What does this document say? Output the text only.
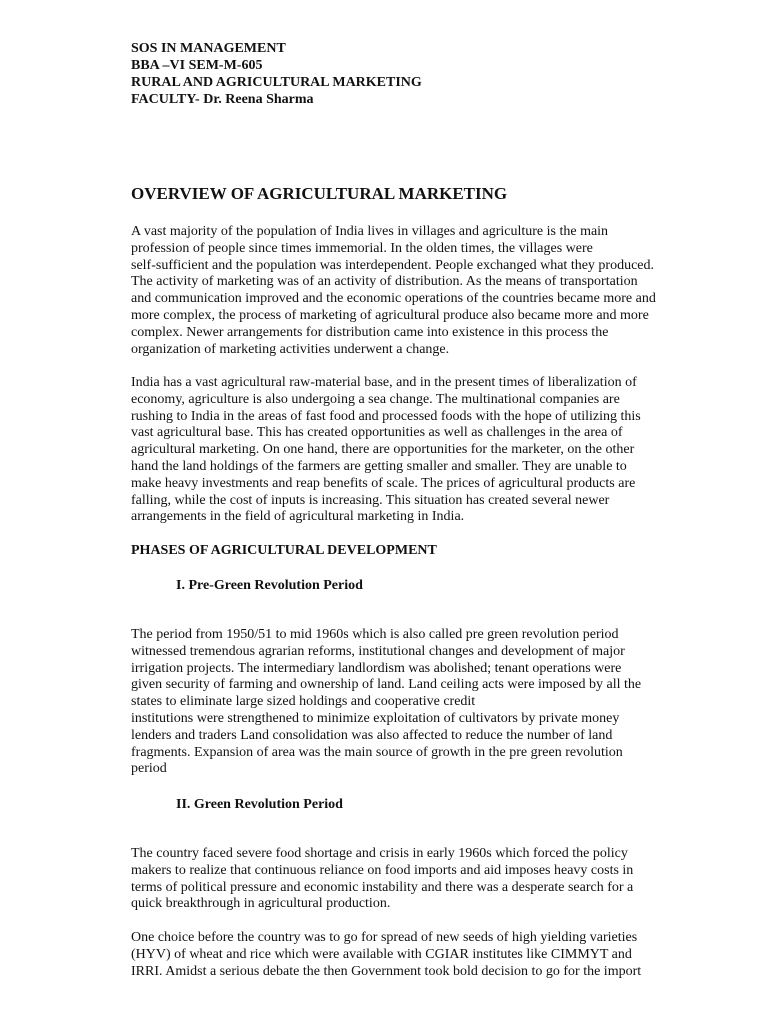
SOS IN MANAGEMENT

BBA –VI SEM-M-605

RURAL AND AGRICULTURAL MARKETING

FACULTY- Dr. Reena Sharma

OVERVIEW OF AGRICULTURAL MARKETING

A vast majority of the population of India lives in villages and agriculture is the main

profession of people since times immemorial. In the olden times, the villages were

self-sufficient and the population was interdependent. People exchanged what they produced.

The activity of marketing was of an activity of distribution. As the means of transportation

and communication improved and the economic operations of the countries became more and

more complex, the process of marketing of agricultural produce also became more and more

complex. Newer arrangements for distribution came into existence in this process the

organization of marketing activities underwent a change.

India has a vast agricultural raw-material base, and in the present times of liberalization of

economy, agriculture is also undergoing a sea change. The multinational companies are

rushing to India in the areas of fast food and processed foods with the hope of utilizing this

vast agricultural base. This has created opportunities as well as challenges in the area of

agricultural marketing. On one hand, there are opportunities for the marketer, on the other

hand the land holdings of the farmers are getting smaller and smaller. They are unable to

make heavy investments and reap benefits of scale. The prices of agricultural products are

falling, while the cost of inputs is increasing. This situation has created several newer

arrangements in the field of agricultural marketing in India.

PHASES OF AGRICULTURAL DEVELOPMENT
I. Pre-Green Revolution Period

The period from 1950/51 to mid 1960s which is also called pre green revolution period

witnessed tremendous agrarian reforms, institutional changes and development of major

irrigation projects. The intermediary landlordism was abolished; tenant operations were

given security of farming and ownership of land. Land ceiling acts were imposed by all the

states to eliminate large sized holdings and cooperative credit

institutions were strengthened to minimize exploitation of cultivators by private money

lenders and traders Land consolidation was also affected to reduce the number of land

fragments. Expansion of area was the main source of growth in the pre green revolution

period

II. Green Revolution Period

The country faced severe food shortage and crisis in early 1960s which forced the policy

makers to realize that continuous reliance on food imports and aid imposes heavy costs in

terms of political pressure and economic instability and there was a desperate search for a

quick breakthrough in agricultural production.

One choice before the country was to go for spread of new seeds of high yielding varieties

(HYV) of wheat and rice which were available with CGIAR institutes like CIMMYT and

IRRI. Amidst a serious debate the then Government took bold decision to go for the import
